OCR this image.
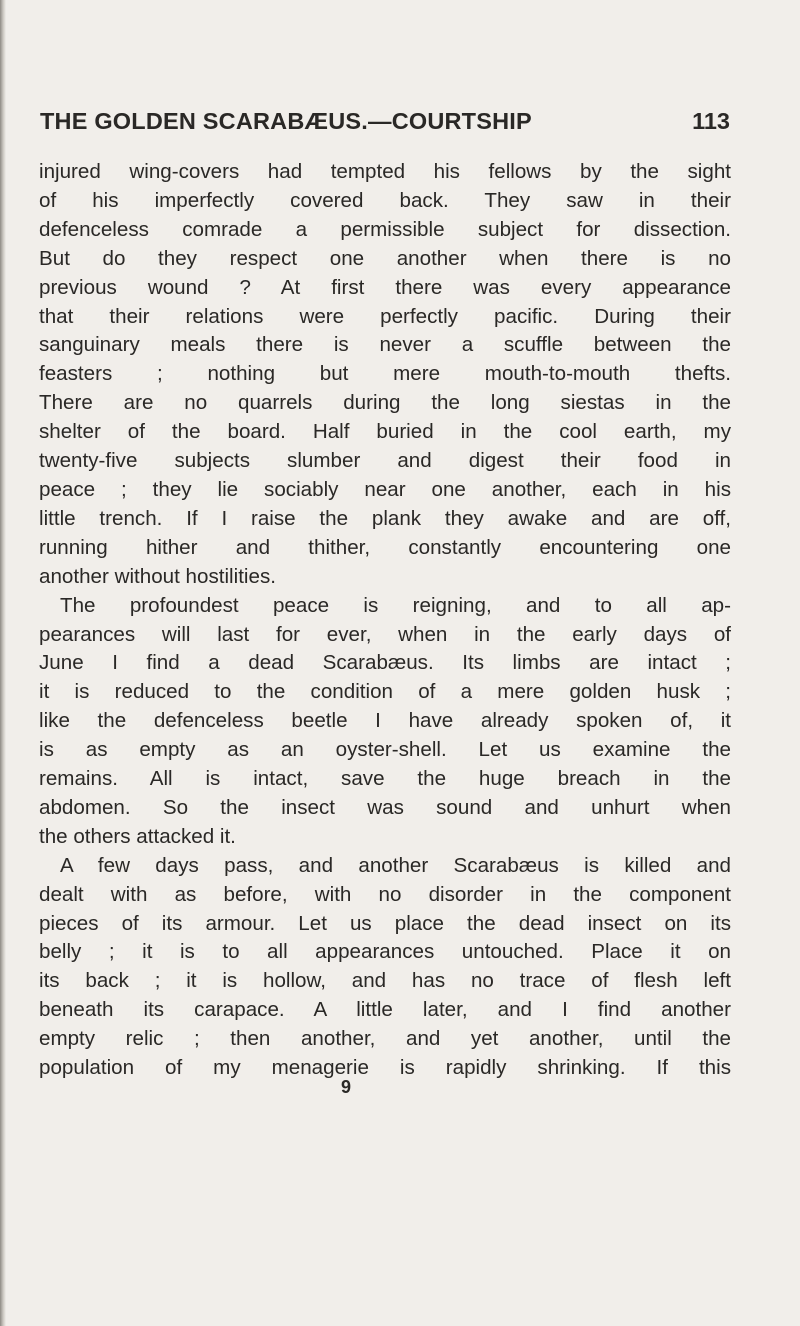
THE GOLDEN SCARABÆUS.—COURTSHIP	113
injured wing-covers had tempted his fellows by the sight
of his imperfectly covered back. They saw in their
defenceless comrade a permissible subject for dissection.
But do they respect one another when there is no
previous wound ? At first there was every appearance
that their relations were perfectly pacific. During their
sanguinary meals there is never a scuffle between the
feasters ; nothing but mere mouth-to-mouth thefts.
There are no quarrels during the long siestas in the
shelter of the board. Half buried in the cool earth, my
twenty-five subjects slumber and digest their food in
peace ; they lie sociably near one another, each in his
little trench. If I raise the plank they awake and are off,
running hither and thither, constantly encountering one
another without hostilities.
The profoundest peace is reigning, and to all ap-
pearances will last for ever, when in the early days of
June I find a dead Scarabæus. Its limbs are intact ;
it is reduced to the condition of a mere golden husk ;
like the defenceless beetle I have already spoken of, it
is as empty as an oyster-shell. Let us examine the
remains. All is intact, save the huge breach in the
abdomen. So the insect was sound and unhurt when
the others attacked it.
A few days pass, and another Scarabæus is killed and
dealt with as before, with no disorder in the component
pieces of its armour. Let us place the dead insect on its
belly ; it is to all appearances untouched. Place it on
its back ; it is hollow, and has no trace of flesh left
beneath its carapace. A little later, and I find another
empty relic ; then another, and yet another, until the
population of my menagerie is rapidly shrinking. If this
9
